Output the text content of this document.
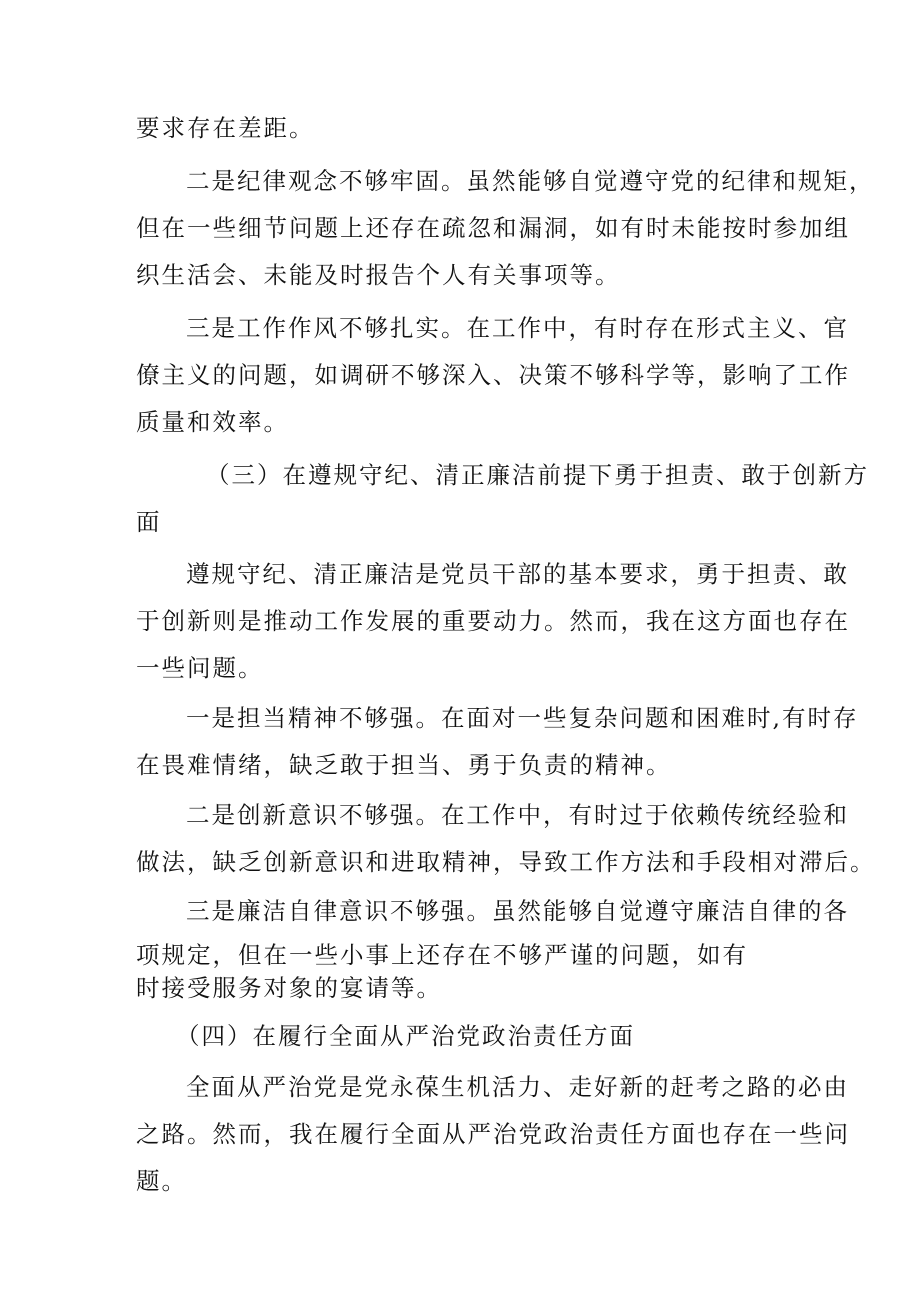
要求存在差距。
二是纪律观念不够牢固。虽然能够自觉遵守党的纪律和规矩，
但在一些细节问题上还存在疏忽和漏洞，如有时未能按时参加组
织生活会、未能及时报告个人有关事项等。
三是工作作风不够扎实。在工作中，有时存在形式主义、官
僚主义的问题，如调研不够深入、决策不够科学等，影响了工作
质量和效率。
（三）在遵规守纪、清正廉洁前提下勇于担责、敢于创新方
面
遵规守纪、清正廉洁是党员干部的基本要求，勇于担责、敢
于创新则是推动工作发展的重要动力。然而，我在这方面也存在
一些问题。
一是担当精神不够强。在面对一些复杂问题和困难时,有时存
在畏难情绪，缺乏敢于担当、勇于负责的精神。
二是创新意识不够强。在工作中，有时过于依赖传统经验和
做法，缺乏创新意识和进取精神，导致工作方法和手段相对滞后。
三是廉洁自律意识不够强。虽然能够自觉遵守廉洁自律的各
项规定，但在一些小事上还存在不够严谨的问题，如有
时接受服务对象的宴请等。
（四）在履行全面从严治党政治责任方面
全面从严治党是党永葆生机活力、走好新的赶考之路的必由
之路。然而，我在履行全面从严治党政治责任方面也存在一些问
题。
